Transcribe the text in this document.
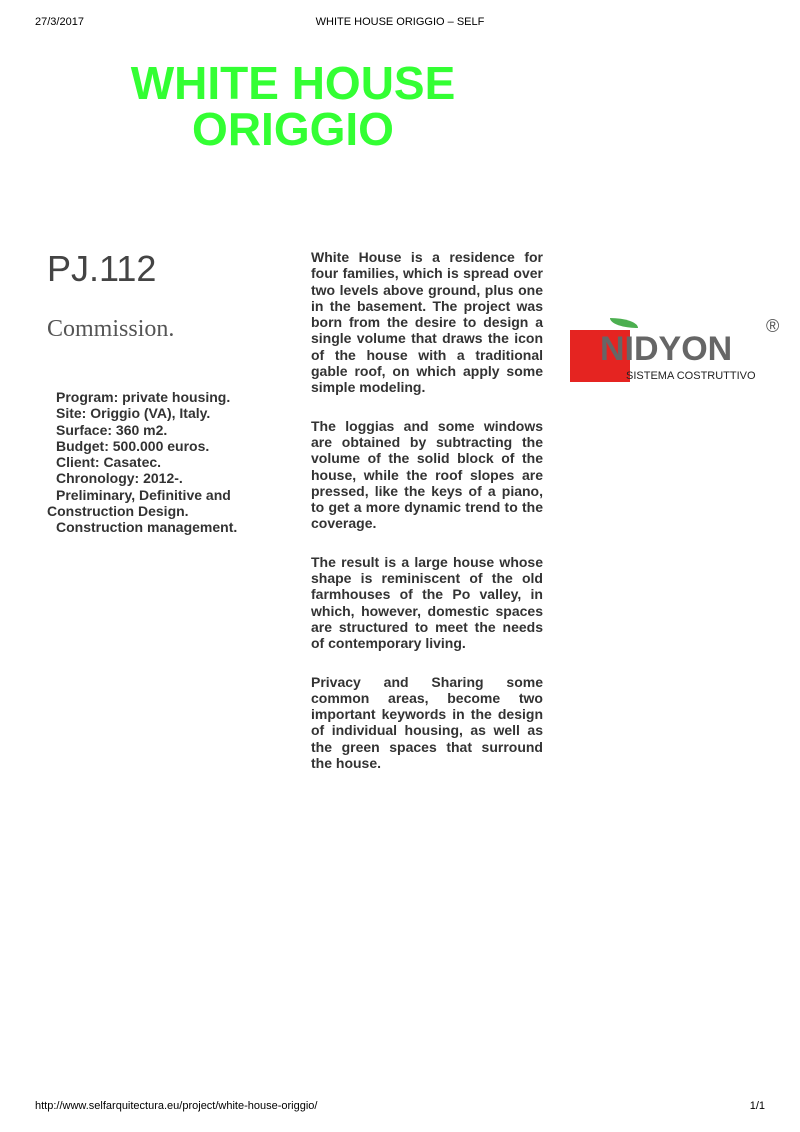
27/3/2017	WHITE HOUSE ORIGGIO – SELF
WHITE HOUSE
ORIGGIO
PJ.112
Commission.
Program: private housing.
Site: Origgio (VA), Italy.
Surface: 360 m2.
Budget: 500.000 euros.
Client: Casatec.
Chronology: 2012-.
Preliminary, Definitive and Construction Design.
Construction management.

White House is a residence for four families, which is spread over two levels above ground, plus one in the basement. The project was born from the desire to design a single volume that draws the icon of the house with a traditional gable roof, on which apply some simple modeling.

The loggias and some windows are obtained by subtracting the volume of the solid block of the house, while the roof slopes are pressed, like the keys of a piano, to get a more dynamic trend to the coverage.

The result is a large house whose shape is reminiscent of the old farmhouses of the Po valley, in which, however, domestic spaces are structured to meet the needs of contemporary living.

Privacy and Sharing some common areas, become two important keywords in the design of individual housing, as well as the green spaces that surround the house.

NIDYON
SISTEMA COSTRUTTIVO
®
http://www.selfarquitectura.eu/project/white-house-origgio/	1/1
